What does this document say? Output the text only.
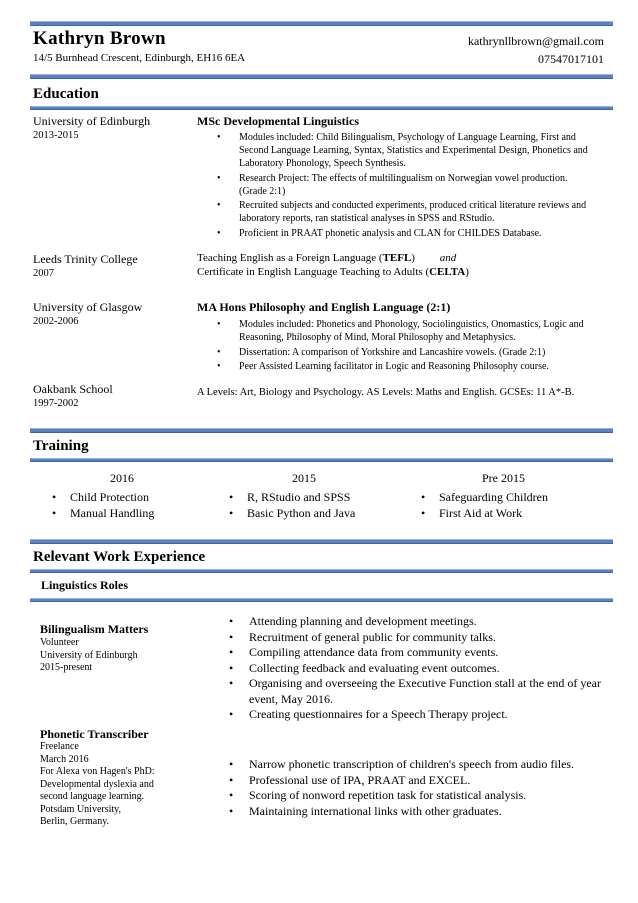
Kathryn Brown	kathrynllbrown@gmail.com
14/5 Burnhead Crescent, Edinburgh, EH16 6EA	07547017101
Education
University of Edinburgh
2013-2015
MSc Developmental Linguistics
• Modules included: Child Bilingualism, Psychology of Language Learning, First and Second Language Learning, Syntax, Statistics and Experimental Design, Phonetics and Laboratory Phonology, Speech Synthesis.
• Research Project: The effects of multilingualism on Norwegian vowel production. (Grade 2:1)
• Recruited subjects and conducted experiments, produced critical literature reviews and laboratory reports, ran statistical analyses in SPSS and RStudio.
• Proficient in PRAAT phonetic analysis and CLAN for CHILDES Database.
Leeds Trinity College
2007
Teaching English as a Foreign Language (TEFL) and
Certificate in English Language Teaching to Adults (CELTA)
University of Glasgow
2002-2006
MA Hons Philosophy and English Language (2:1)
• Modules included: Phonetics and Phonology, Sociolinguistics, Onomastics, Logic and Reasoning, Philosophy of Mind, Moral Philosophy and Metaphysics.
• Dissertation: A comparison of Yorkshire and Lancashire vowels. (Grade 2:1)
• Peer Assisted Learning facilitator in Logic and Reasoning Philosophy course.
Oakbank School
1997-2002
A Levels: Art, Biology and Psychology. AS Levels: Maths and English. GCSEs: 11 A*-B.
Training
2016
• Child Protection
• Manual Handling
2015
• R, RStudio and SPSS
• Basic Python and Java
Pre 2015
• Safeguarding Children
• First Aid at Work
Relevant Work Experience
Linguistics Roles
Bilingualism Matters
Volunteer
University of Edinburgh
2015-present
• Attending planning and development meetings.
• Recruitment of general public for community talks.
• Compiling attendance data from community events.
• Collecting feedback and evaluating event outcomes.
• Organising and overseeing the Executive Function stall at the end of year event, May 2016.
• Creating questionnaires for a Speech Therapy project.
Phonetic Transcriber
Freelance
March 2016
For Alexa von Hagen's PhD:
Developmental dyslexia and second language learning.
Potsdam University,
Berlin, Germany.
• Narrow phonetic transcription of children's speech from audio files.
• Professional use of IPA, PRAAT and EXCEL.
• Scoring of nonword repetition task for statistical analysis.
• Maintaining international links with other graduates.
